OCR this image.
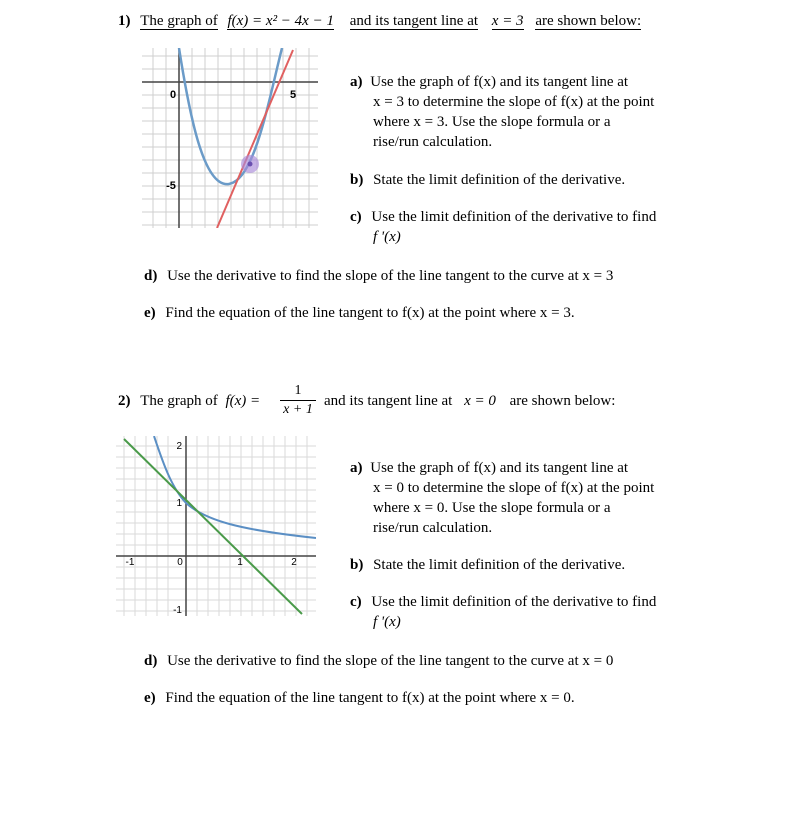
1) The graph of f(x) = x² − 4x − 1 and its tangent line at x = 3 are shown below:
0	5
-5
a) Use the graph of f(x) and its tangent line at
x = 3 to determine the slope of f(x) at the point
where x = 3. Use the slope formula or a
rise/run calculation.
b) State the limit definition of the derivative.
c) Use the limit definition of the derivative to find
f '(x)
d) Use the derivative to find the slope of the line tangent to the curve at x = 3
e) Find the equation of the line tangent to f(x) at the point where x = 3.
2) The graph of f(x) =
1
x + 1
and its tangent line at x = 0 are shown below:
2
1
-1	0	1	2
-1
a) Use the graph of f(x) and its tangent line at
x = 0 to determine the slope of f(x) at the point
where x = 0. Use the slope formula or a
rise/run calculation.
b) State the limit definition of the derivative.
c) Use the limit definition of the derivative to find
f '(x)
d) Use the derivative to find the slope of the line tangent to the curve at x = 0
e) Find the equation of the line tangent to f(x) at the point where x = 0.
